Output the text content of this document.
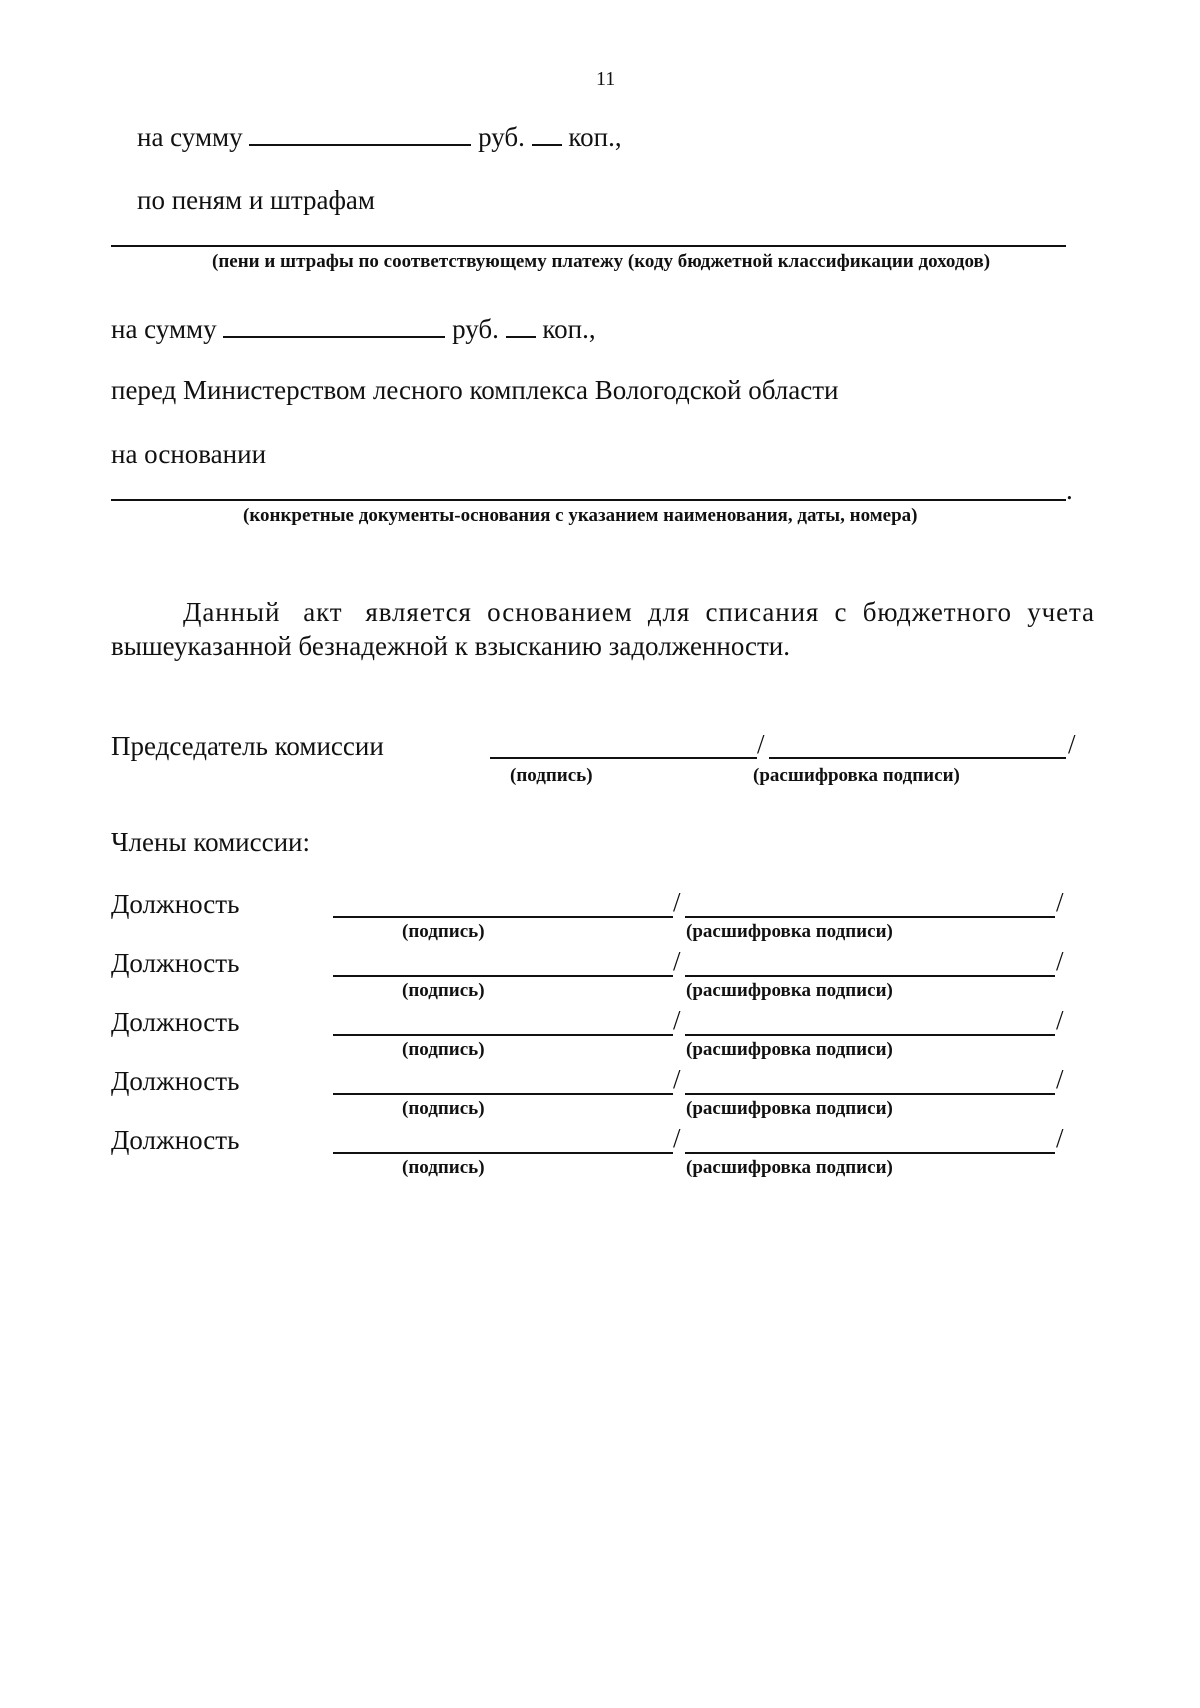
11
на сумму	руб. коп.,
по пеням и штрафам
(пени и штрафы по соответствующему платежу (коду бюджетной классификации доходов)
на сумму	руб. коп.,
перед Министерством лесного комплекса Вологодской области
на основании
.
(конкретные документы-основания с указанием наименования, даты, номера)
Данный   акт   является  основанием  для  списания  с  бюджетного  учета
вышеуказанной безнадежной к взысканию задолженности.
Председатель комиссии	/	/
(подпись)	(расшифровка подписи)
Члены комиссии:
Должность	/	/
(подпись)	(расшифровка подписи)
Должность	/	/
(подпись)	(расшифровка подписи)
Должность	/	/
(подпись)	(расшифровка подписи)
Должность	/	/
(подпись)	(расшифровка подписи)
Должность	/	/
(подпись)	(расшифровка подписи)
